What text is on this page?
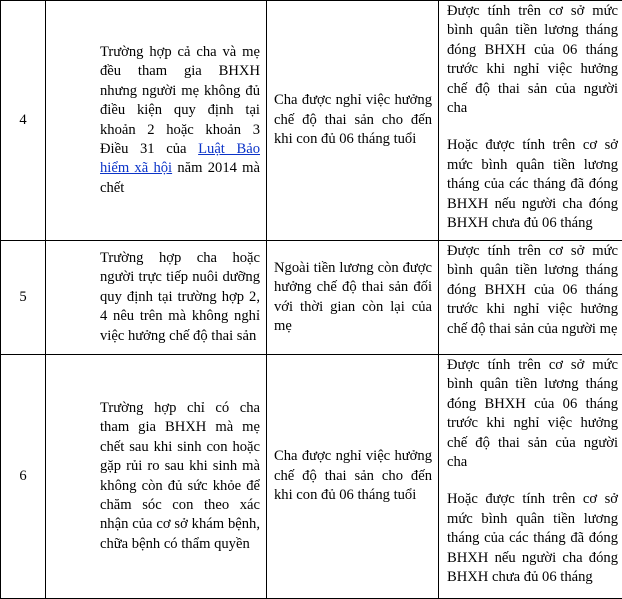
4	Trường hợp cả cha và mẹ đều tham gia BHXH nhưng người mẹ không đủ điều kiện quy định tại khoản 2 hoặc khoản 3 Điều 31 của Luật Bảo hiểm xã hội năm 2014 mà chết	Cha được nghỉ việc hưởng chế độ thai sản cho đến khi con đủ 06 tháng tuổi	Được tính trên cơ sở mức bình quân tiền lương tháng đóng BHXH của 06 tháng trước khi nghỉ việc hưởng chế độ thai sản của người cha

Hoặc được tính trên cơ sở mức bình quân tiền lương tháng của các tháng đã đóng BHXH nếu người cha đóng BHXH chưa đủ 06 tháng

5	Trường hợp cha hoặc người trực tiếp nuôi dưỡng quy định tại trường hợp 2, 4 nêu trên mà không nghỉ việc hưởng chế độ thai sản	Ngoài tiền lương còn được hưởng chế độ thai sản đối với thời gian còn lại của mẹ	Được tính trên cơ sở mức bình quân tiền lương tháng đóng BHXH của 06 tháng trước khi nghỉ việc hưởng chế độ thai sản của người mẹ

6	Trường hợp chỉ có cha tham gia BHXH mà mẹ chết sau khi sinh con hoặc gặp rủi ro sau khi sinh mà không còn đủ sức khỏe để chăm sóc con theo xác nhận của cơ sở khám bệnh, chữa bệnh có thẩm quyền	Cha được nghỉ việc hưởng chế độ thai sản cho đến khi con đủ 06 tháng tuổi	Được tính trên cơ sở mức bình quân tiền lương tháng đóng BHXH của 06 tháng trước khi nghỉ việc hưởng chế độ thai sản của người cha

Hoặc được tính trên cơ sở mức bình quân tiền lương tháng của các tháng đã đóng BHXH nếu người cha đóng BHXH chưa đủ 06 tháng
